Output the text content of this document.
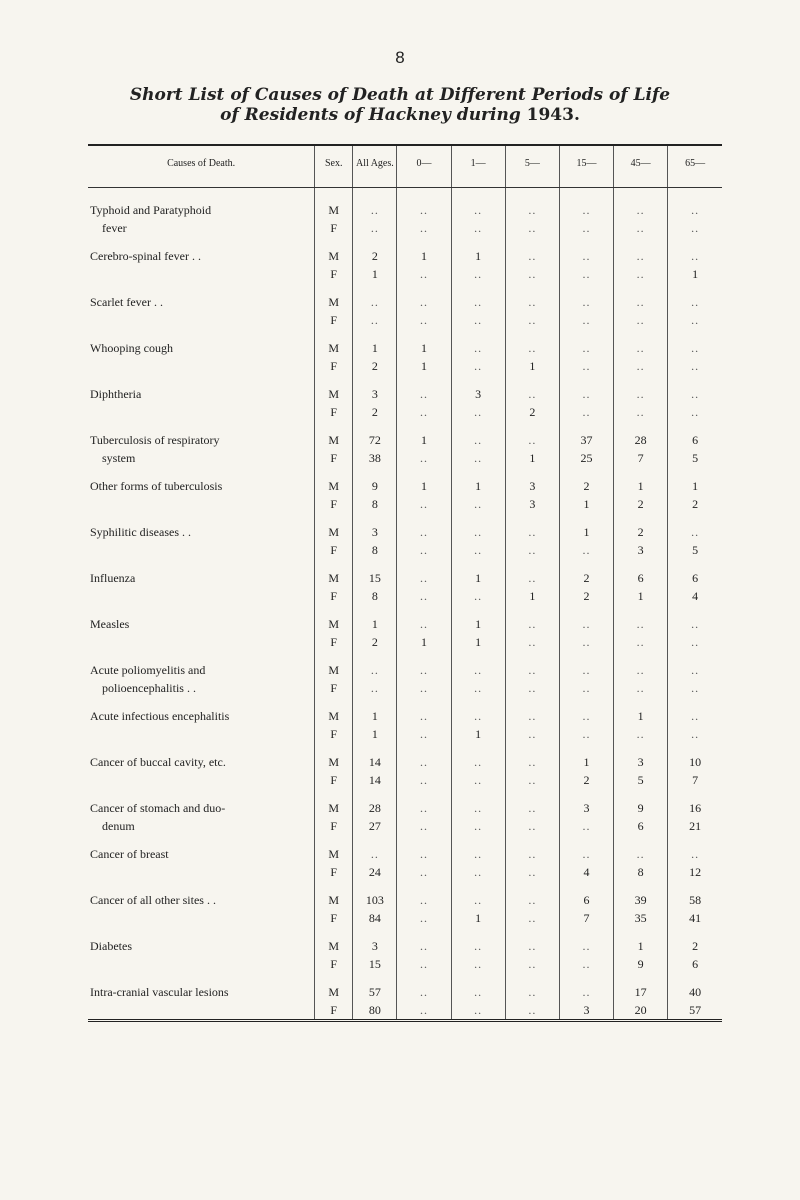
8
Short List of Causes of Death at Different Periods of Life
of Residents of Hackney during 1943.
Causes of Death.	Sex.	All Ages.	0—	1—	5—	15—	45—	65—

Typhoid and Paratyphoid	M	..	..	..	..	..	..	..
fever	F	..	..	..	..	..	..	..

Cerebro-spinal fever . .	M	2	1	1	..	..	..	..
	F	1	..	..	..	..	..	1

Scarlet fever . .	M	..	..	..	..	..	..	..
	F	..	..	..	..	..	..	..

Whooping cough	M	1	1	..	..	..	..	..
	F	2	1	..	1	..	..	..

Diphtheria	M	3	..	3	..	..	..	..
	F	2	..	..	2	..	..	..

Tuberculosis of respiratory	M	72	1	..	..	37	28	6
system	F	38	..	..	1	25	7	5

Other forms of tuberculosis	M	9	1	1	3	2	1	1
	F	8	..	..	3	1	2	2

Syphilitic diseases . .	M	3	..	..	..	1	2	..
	F	8	..	..	..	..	3	5

Influenza	M	15	..	1	..	2	6	6
	F	8	..	..	1	2	1	4

Measles	M	1	..	1	..	..	..	..
	F	2	1	1	..	..	..	..

Acute poliomyelitis and	M	..	..	..	..	..	..	..
polioencephalitis . .	F	..	..	..	..	..	..	..

Acute infectious encephalitis	M	1	..	..	..	..	1	..
	F	1	..	1	..	..	..	..

Cancer of buccal cavity, etc.	M	14	..	..	..	1	3	10
	F	14	..	..	..	2	5	7

Cancer of stomach and duo-	M	28	..	..	..	3	9	16
denum	F	27	..	..	..	..	6	21

Cancer of breast	M	..	..	..	..	..	..	..
	F	24	..	..	..	4	8	12

Cancer of all other sites . .	M	103	..	..	..	6	39	58
	F	84	..	1	..	7	35	41

Diabetes	M	3	..	..	..	..	1	2
	F	15	..	..	..	..	9	6

Intra-cranial vascular lesions	M	57	..	..	..	..	17	40
	F	80	..	..	..	3	20	57
